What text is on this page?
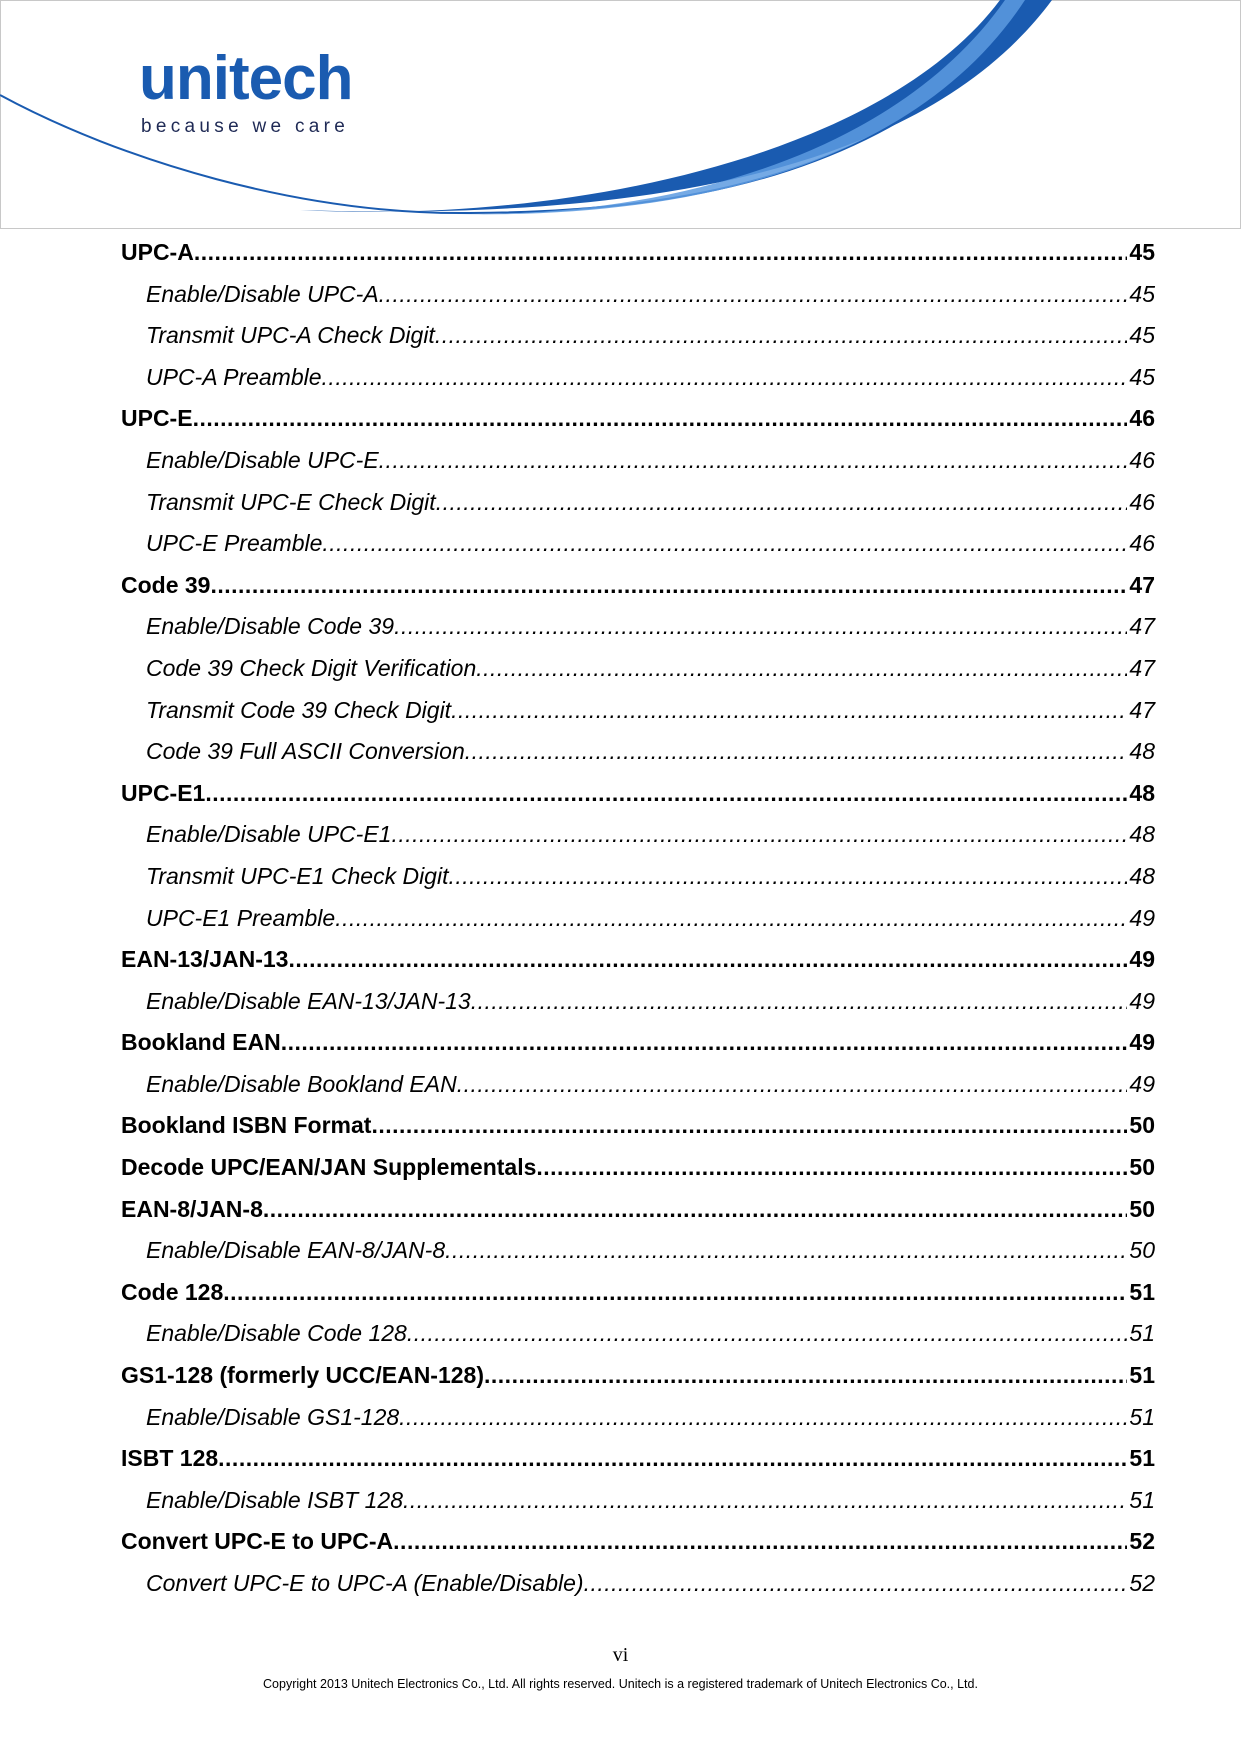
unitech
because we care
UPC-A .....	45
Enable/Disable UPC-A .....	45
Transmit UPC-A Check Digit .....	45
UPC-A Preamble .....	45
UPC-E .....	46
Enable/Disable UPC-E .....	46
Transmit UPC-E Check Digit .....	46
UPC-E Preamble .....	46
Code 39 .....	47
Enable/Disable Code 39 .....	47
Code 39 Check Digit Verification .....	47
Transmit Code 39 Check Digit .....	47
Code 39 Full ASCII Conversion .....	48
UPC-E1 .....	48
Enable/Disable UPC-E1 .....	48
Transmit UPC-E1 Check Digit .....	48
UPC-E1 Preamble .....	49
EAN-13/JAN-13 .....	49
Enable/Disable EAN-13/JAN-13 .....	49
Bookland EAN .....	49
Enable/Disable Bookland EAN .....	49
Bookland ISBN Format .....	50
Decode UPC/EAN/JAN Supplementals .....	50
EAN-8/JAN-8 .....	50
Enable/Disable EAN-8/JAN-8 .....	50
Code 128 .....	51
Enable/Disable Code 128 .....	51
GS1-128 (formerly UCC/EAN-128) .....	51
Enable/Disable GS1-128 .....	51
ISBT 128 .....	51
Enable/Disable ISBT 128 .....	51
Convert UPC-E to UPC-A .....	52
Convert UPC-E to UPC-A (Enable/Disable) .....	52
vi
Copyright 2013 Unitech Electronics Co., Ltd. All rights reserved. Unitech is a registered trademark of Unitech Electronics Co., Ltd.
